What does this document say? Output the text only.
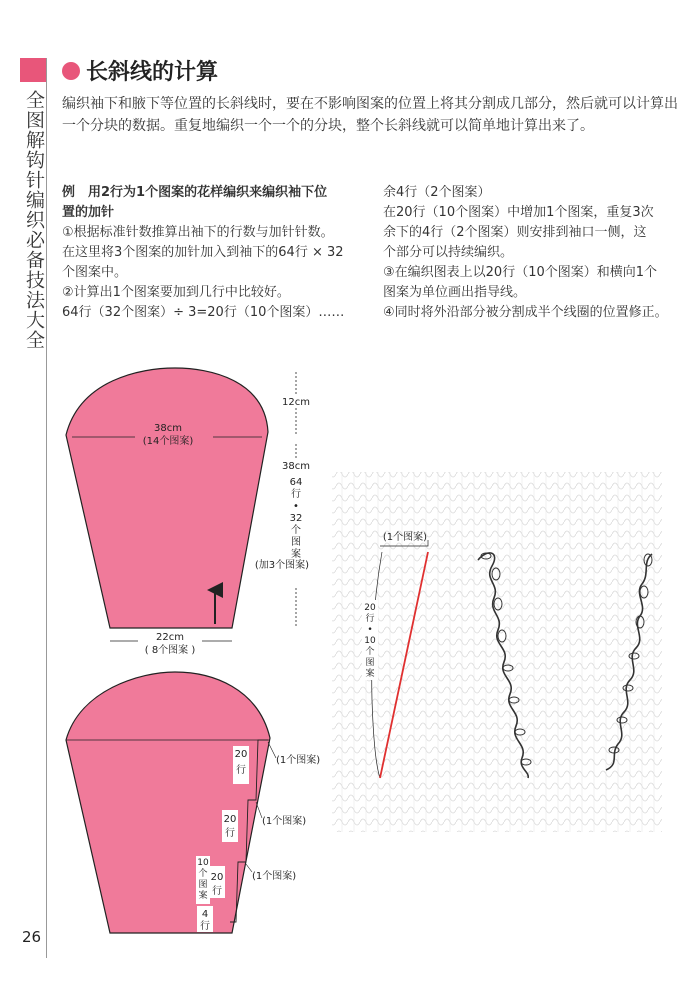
全图解钩针编织必备技法大全
26
长斜线的计算
编织袖下和腋下等位置的长斜线时，要在不影响图案的位置上将其分割成几部分，然后就可以计算出一个分块的数据。重复地编织一个一个的分块，整个长斜线就可以简单地计算出来了。

例　用2行为1个图案的花样编织来编织袖下位

置的加针

①根据标准针数推算出袖下的行数与加针针数。

在这里将3个图案的加针加入到袖下的64行 × 32

个图案中。

②计算出1个图案要加到几行中比较好。

64行（32个图案）÷ 3=20行（10个图案）……

余4行（2个图案）

在20行（10个图案）中增加1个图案，重复3次

余下的4行（2个图案）则安排到袖口一侧，这

个部分可以持续编织。

③在编织图表上以20行（10个图案）和横向1个

图案为单位画出指导线。

④同时将外沿部分被分割成半个线圈的位置修正。

38cm
(14个图案)
12cm
38cm
64
行
•
32
个
图
案
(加3个图案)
22cm
( 8个图案 )
20
行
20
行
20
行
10
个
图
案
4
行
(1个图案)
(1个图案)
(1个图案)
(1个图案)
20
行
•
10
个
图
案
